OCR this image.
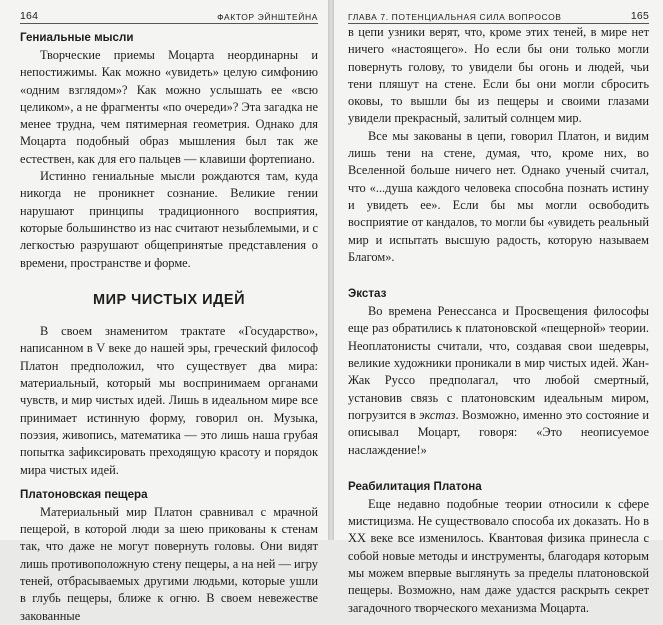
164	ФАКТОР ЭЙНШТЕЙНА
Гениальные мысли

Творческие приемы Моцарта неординарны и непостижимы. Как можно «увидеть» целую симфонию «одним взглядом»? Как можно услышать ее «всю целиком», а не фрагменты «по очереди»? Эта загадка не менее трудна, чем пятимерная геометрия. Однако для Моцарта подобный образ мышления был так же естествен, как для его пальцев — клавиши фортепиано.

Истинно гениальные мысли рождаются там, куда никогда не проникнет сознание. Великие гении нарушают принципы традиционного восприятия, которые большинство из нас считают незыблемыми, и с легкостью разрушают общепринятые представления о времени, пространстве и форме.

МИР ЧИСТЫХ ИДЕЙ

В своем знаменитом трактате «Государство», написанном в V веке до нашей эры, греческий философ Платон предположил, что существует два мира: материальный, который мы воспринимаем органами чувств, и мир чистых идей. Лишь в идеальном мире все принимает истинную форму, говорил он. Музыка, поэзия, живопись, математика — это лишь наша грубая попытка зафиксировать преходящую красоту и порядок мира чистых идей.

Платоновская пещера

Материальный мир Платон сравнивал с мрачной пещерой, в которой люди за шею прикованы к стенам так, что даже не могут повернуть головы. Они видят лишь противоположную стену пещеры, а на ней — игру теней, отбрасываемых другими людьми, которые ушли в глубь пещеры, ближе к огню. В своем невежестве закованные

ГЛАВА 7. ПОТЕНЦИАЛЬНАЯ СИЛА ВОПРОСОВ	165

в цепи узники верят, что, кроме этих теней, в мире нет ничего «настоящего». Но если бы они только могли повернуть голову, то увидели бы огонь и людей, чьи тени пляшут на стене. Если бы они могли сбросить оковы, то вышли бы из пещеры и своими глазами увидели прекрасный, залитый солнцем мир.

Все мы закованы в цепи, говорил Платон, и видим лишь тени на стене, думая, что, кроме них, во Вселенной больше ничего нет. Однако ученый считал, что «...душа каждого человека способна познать истину и увидеть ее». Если бы мы могли освободить восприятие от кандалов, то могли бы «увидеть реальный мир и испытать высшую радость, которую называем Благом».

Экстаз

Во времена Ренессанса и Просвещения философы еще раз обратились к платоновской «пещерной» теории. Неоплатонисты считали, что, создавая свои шедевры, великие художники проникали в мир чистых идей. Жан-Жак Руссо предполагал, что любой смертный, установив связь с платоновским идеальным миром, погрузится в экстаз. Возможно, именно это состояние и описывал Моцарт, говоря: «Это неописуемое наслаждение!»

Реабилитация Платона

Еще недавно подобные теории относили к сфере мистицизма. Не существовало способа их доказать. Но в XX веке все изменилось. Квантовая физика принесла с собой новые методы и инструменты, благодаря которым мы можем впервые выглянуть за пределы платоновской пещеры. Возможно, нам даже удастся раскрыть секрет загадочного творческого механизма Моцарта.
